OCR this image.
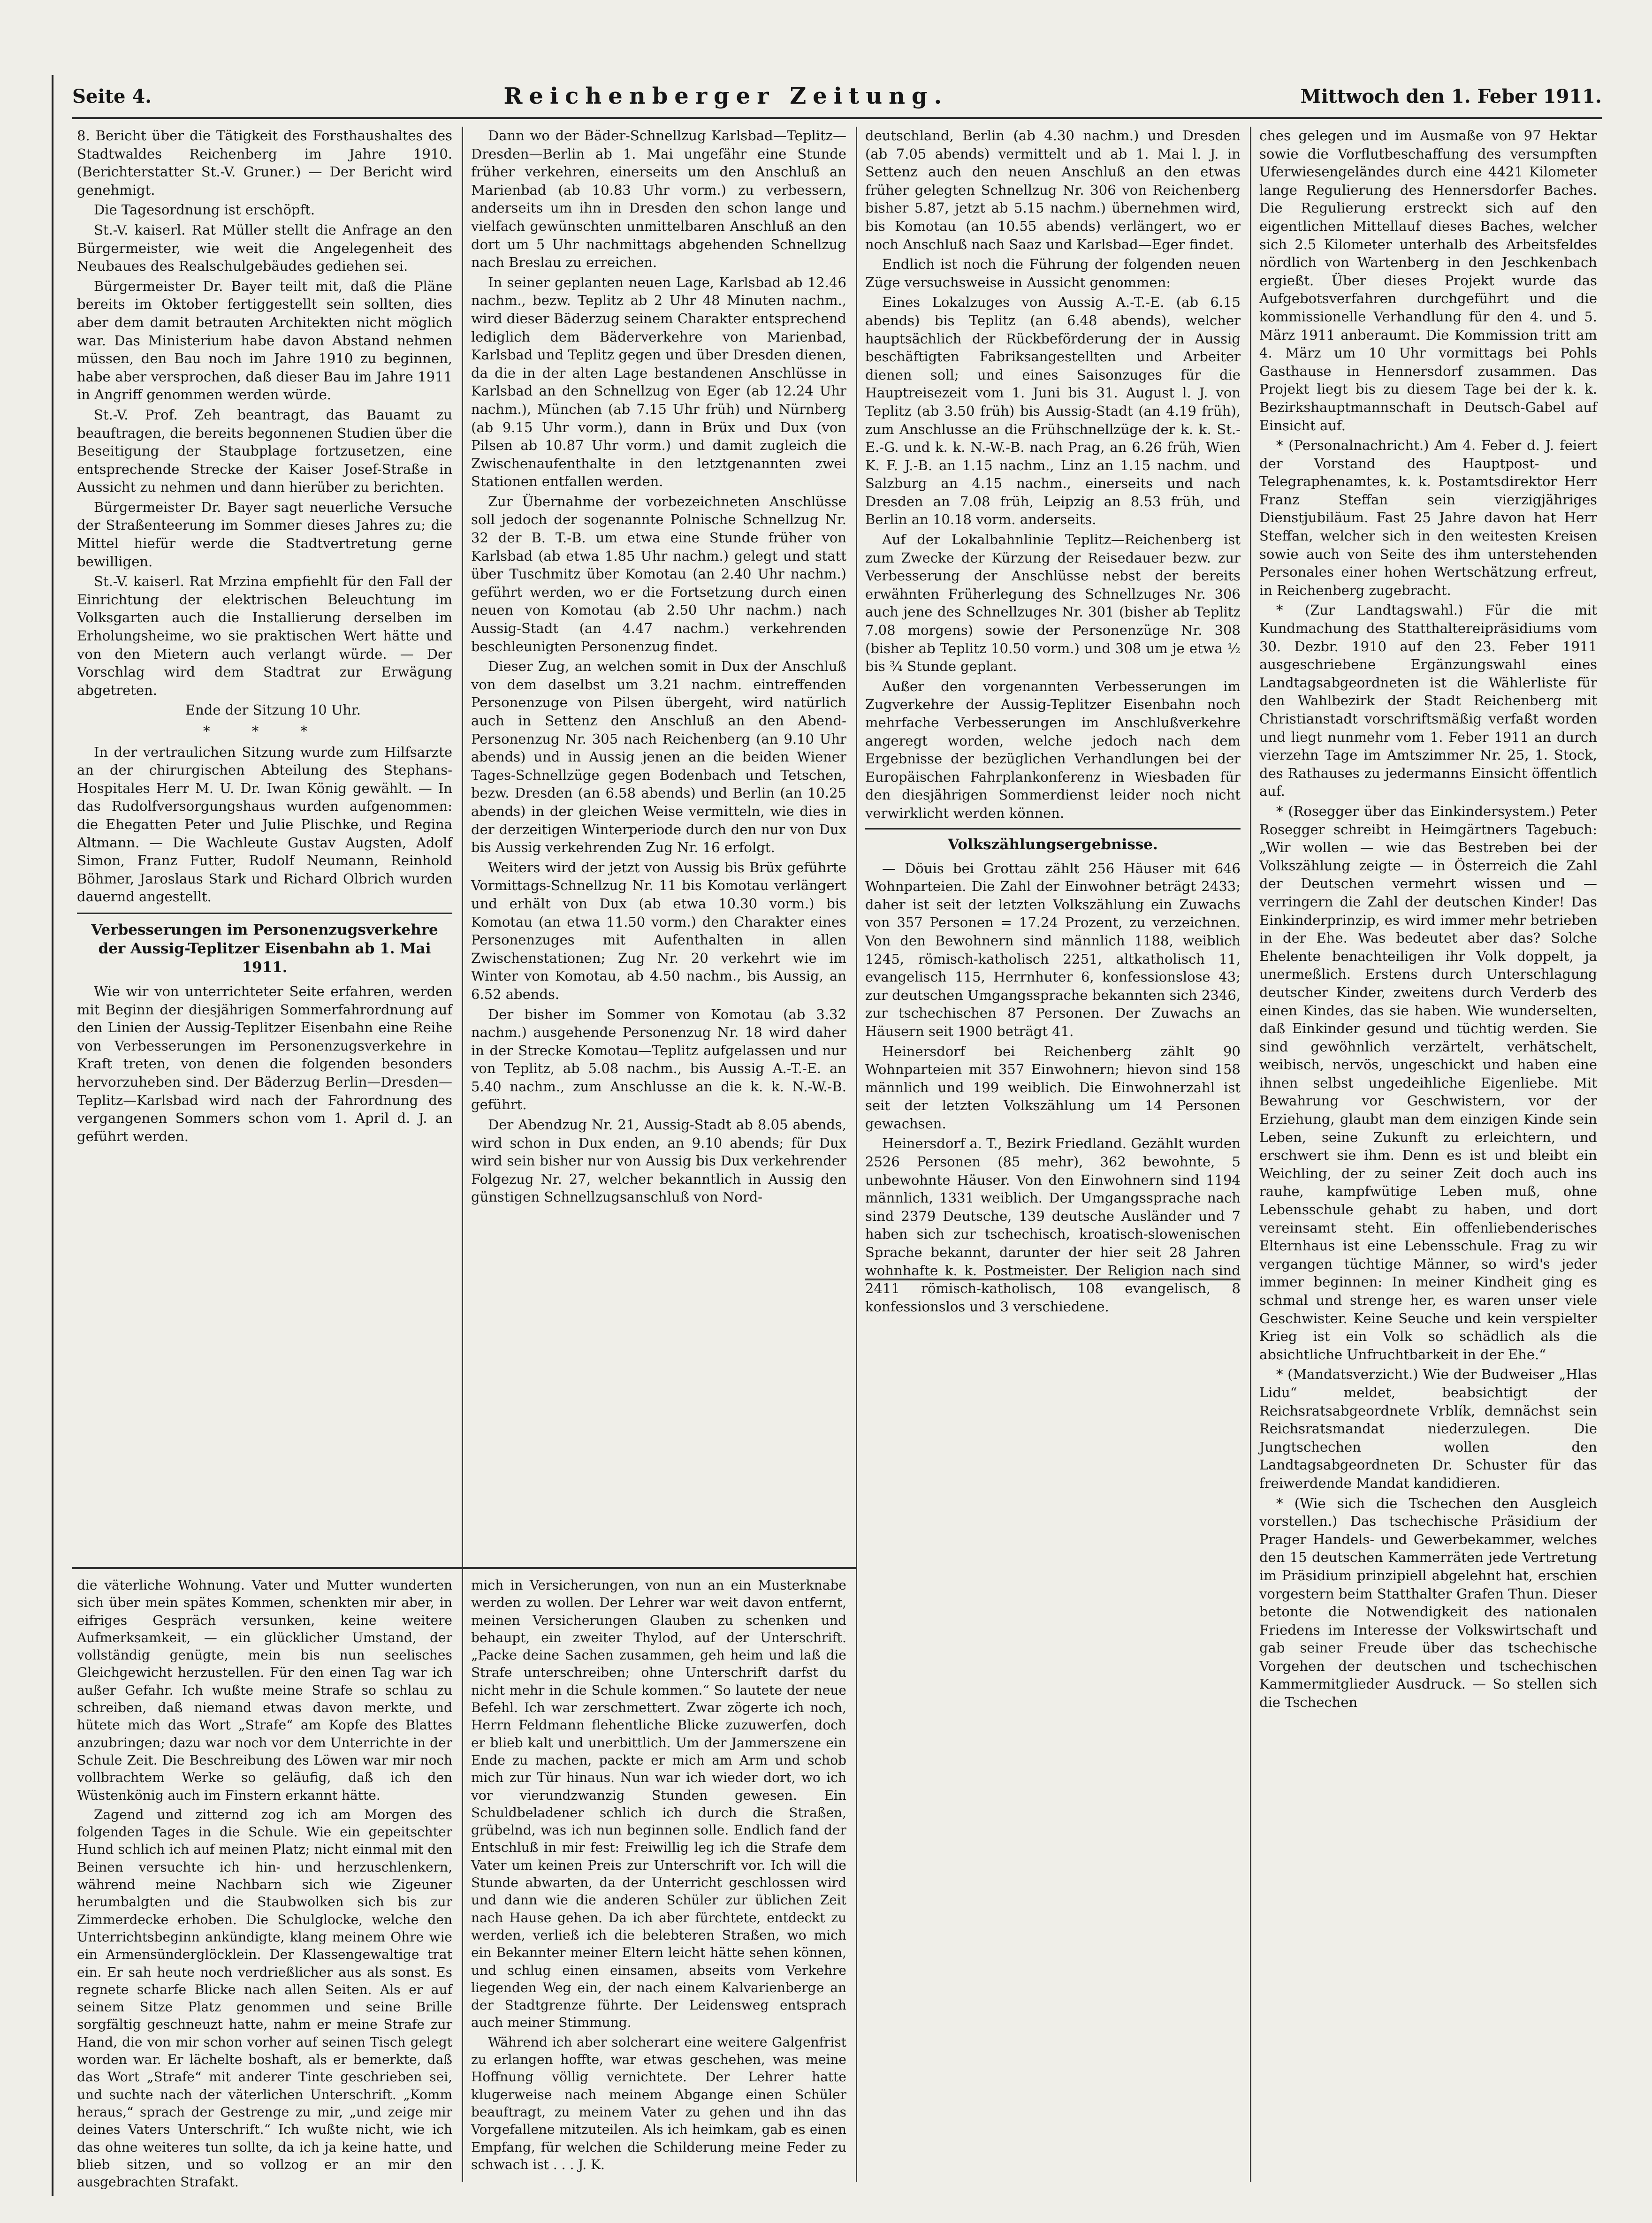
Seite 4.	Reichenberger Zeitung.	Mittwoch den 1. Feber 1911.

8. Bericht über die Tätigkeit des Forsthaushaltes des Stadtwaldes Reichenberg im Jahre 1910. (Berichterstatter St.-V. Gruner.) — Der Bericht wird genehmigt.

Die Tagesordnung ist erschöpft.

St.-V. kaiserl. Rat Müller stellt die Anfrage an den Bürgermeister, wie weit die Angelegenheit des Neubaues des Realschulgebäudes gediehen sei.

Bürgermeister Dr. Bayer teilt mit, daß die Pläne bereits im Oktober fertiggestellt sein sollten, dies aber dem damit betrauten Architekten nicht möglich war. Das Ministerium habe davon Abstand nehmen müssen, den Bau noch im Jahre 1910 zu beginnen, habe aber versprochen, daß dieser Bau im Jahre 1911 in Angriff genommen werden würde.

St.-V. Prof. Zeh beantragt, das Bauamt zu beauftragen, die bereits begonnenen Studien über die Beseitigung der Staubplage fortzusetzen, eine entsprechende Strecke der Kaiser Josef-Straße in Aussicht zu nehmen und dann hierüber zu berichten.

Bürgermeister Dr. Bayer sagt neuerliche Versuche der Straßenteerung im Sommer dieses Jahres zu; die Mittel hiefür werde die Stadtvertretung gerne bewilligen.

St.-V. kaiserl. Rat Mrzina empfiehlt für den Fall der Einrichtung der elektrischen Beleuchtung im Volksgarten auch die Installierung derselben im Erholungsheime, wo sie praktischen Wert hätte und von den Mietern auch verlangt würde. — Der Vorschlag wird dem Stadtrat zur Erwägung abgetreten.

Ende der Sitzung 10 Uhr.

* * *

In der vertraulichen Sitzung wurde zum Hilfsarzte an der chirurgischen Abteilung des Stephans-Hospitales Herr M. U. Dr. Iwan König gewählt. — In das Rudolfversorgungshaus wurden aufgenommen: die Ehegatten Peter und Julie Plischke, und Regina Altmann. — Die Wachleute Gustav Augsten, Adolf Simon, Franz Futter, Rudolf Neumann, Reinhold Böhmer, Jaroslaus Stark und Richard Olbrich wurden dauernd angestellt.

Verbesserungen im Personenzugsverkehre der Aussig-Teplitzer Eisenbahn ab 1. Mai 1911.

Wie wir von unterrichteter Seite erfahren, werden mit Beginn der diesjährigen Sommerfahrordnung auf den Linien der Aussig-Teplitzer Eisenbahn eine Reihe von Verbesserungen im Personenzugsverkehre in Kraft treten, von denen die folgenden besonders hervorzuheben sind. Der Bäderzug Berlin—Dresden—Teplitz—Karlsbad wird nach der Fahrordnung des vergangenen Sommers schon vom 1. April d. J. an geführt werden.

Dann wo der Bäder-Schnellzug Karlsbad—Teplitz—Dresden—Berlin ab 1. Mai ungefähr eine Stunde früher verkehren, einerseits um den Anschluß an Marienbad (ab 10.83 Uhr vorm.) zu verbessern, anderseits um ihn in Dresden den schon lange und vielfach gewünschten unmittelbaren Anschluß an den dort um 5 Uhr nachmittags abgehenden Schnellzug nach Breslau zu erreichen.

In seiner geplanten neuen Lage, Karlsbad ab 12.46 nachm., bezw. Teplitz ab 2 Uhr 48 Minuten nachm., wird dieser Bäderzug seinem Charakter entsprechend lediglich dem Bäderverkehre von Marienbad, Karlsbad und Teplitz gegen und über Dresden dienen, da die in der alten Lage bestandenen Anschlüsse in Karlsbad an den Schnellzug von Eger (ab 12.24 Uhr nachm.), München (ab 7.15 Uhr früh) und Nürnberg (ab 9.15 Uhr vorm.), dann in Brüx und Dux (von Pilsen ab 10.87 Uhr vorm.) und damit zugleich die Zwischenaufenthalte in den letztgenannten zwei Stationen entfallen werden.

Zur Übernahme der vorbezeichneten Anschlüsse soll jedoch der sogenannte Polnische Schnellzug Nr. 32 der B. T.-B. um etwa eine Stunde früher von Karlsbad (ab etwa 1.85 Uhr nachm.) gelegt und statt über Tuschmitz über Komotau (an 2.40 Uhr nachm.) geführt werden, wo er die Fortsetzung durch einen neuen von Komotau (ab 2.50 Uhr nachm.) nach Aussig-Stadt (an 4.47 nachm.) verkehrenden beschleunigten Personenzug findet.

Dieser Zug, an welchen somit in Dux der Anschluß von dem daselbst um 3.21 nachm. eintreffenden Personenzuge von Pilsen übergeht, wird natürlich auch in Settenz den Anschluß an den Abend-Personenzug Nr. 305 nach Reichenberg (an 9.10 Uhr abends) und in Aussig jenen an die beiden Wiener Tages-Schnellzüge gegen Bodenbach und Tetschen, bezw. Dresden (an 6.58 abends) und Berlin (an 10.25 abends) in der gleichen Weise vermitteln, wie dies in der derzeitigen Winterperiode durch den nur von Dux bis Aussig verkehrenden Zug Nr. 16 erfolgt.

Weiters wird der jetzt von Aussig bis Brüx geführte Vormittags-Schnellzug Nr. 11 bis Komotau verlängert und erhält von Dux (ab etwa 10.30 vorm.) bis Komotau (an etwa 11.50 vorm.) den Charakter eines Personenzuges mit Aufenthalten in allen Zwischenstationen; Zug Nr. 20 verkehrt wie im Winter von Komotau, ab 4.50 nachm., bis Aussig, an 6.52 abends.

Der bisher im Sommer von Komotau (ab 3.32 nachm.) ausgehende Personenzug Nr. 18 wird daher in der Strecke Komotau—Teplitz aufgelassen und nur von Teplitz, ab 5.08 nachm., bis Aussig A.-T.-E. an 5.40 nachm., zum Anschlusse an die k. k. N.-W.-B. geführt.

Der Abendzug Nr. 21, Aussig-Stadt ab 8.05 abends, wird schon in Dux enden, an 9.10 abends; für Dux wird sein bisher nur von Aussig bis Dux verkehrender Folgezug Nr. 27, welcher bekanntlich in Aussig den günstigen Schnellzugsanschluß von Nord-

deutschland, Berlin (ab 4.30 nachm.) und Dresden (ab 7.05 abends) vermittelt und ab 1. Mai l. J. in Settenz auch den neuen Anschluß an den etwas früher gelegten Schnellzug Nr. 306 von Reichenberg bisher 5.87, jetzt ab 5.15 nachm.) übernehmen wird, bis Komotau (an 10.55 abends) verlängert, wo er noch Anschluß nach Saaz und Karlsbad—Eger findet.

Endlich ist noch die Führung der folgenden neuen Züge versuchsweise in Aussicht genommen:

Eines Lokalzuges von Aussig A.-T.-E. (ab 6.15 abends) bis Teplitz (an 6.48 abends), welcher hauptsächlich der Rückbeförderung der in Aussig beschäftigten Fabriksangestellten und Arbeiter dienen soll; und eines Saisonzuges für die Hauptreisezeit vom 1. Juni bis 31. August l. J. von Teplitz (ab 3.50 früh) bis Aussig-Stadt (an 4.19 früh), zum Anschlusse an die Frühschnellzüge der k. k. St.-E.-G. und k. k. N.-W.-B. nach Prag, an 6.26 früh, Wien K. F. J.-B. an 1.15 nachm., Linz an 1.15 nachm. und Salzburg an 4.15 nachm., einerseits und nach Dresden an 7.08 früh, Leipzig an 8.53 früh, und Berlin an 10.18 vorm. anderseits.

Auf der Lokalbahnlinie Teplitz—Reichenberg ist zum Zwecke der Kürzung der Reisedauer bezw. zur Verbesserung der Anschlüsse nebst der bereits erwähnten Früherlegung des Schnellzuges Nr. 306 auch jene des Schnellzuges Nr. 301 (bisher ab Teplitz 7.08 morgens) sowie der Personenzüge Nr. 308 (bisher ab Teplitz 10.50 vorm.) und 308 um je etwa ½ bis ¾ Stunde geplant.

Außer den vorgenannten Verbesserungen im Zugverkehre der Aussig-Teplitzer Eisenbahn noch mehrfache Verbesserungen im Anschlußverkehre angeregt worden, welche jedoch nach dem Ergebnisse der bezüglichen Verhandlungen bei der Europäischen Fahrplankonferenz in Wiesbaden für den diesjährigen Sommerdienst leider noch nicht verwirklicht werden können.

Volkszählungsergebnisse.

— Döuis bei Grottau zählt 256 Häuser mit 646 Wohnparteien. Die Zahl der Einwohner beträgt 2433; daher ist seit der letzten Volkszählung ein Zuwachs von 357 Personen = 17.24 Prozent, zu verzeichnen. Von den Bewohnern sind männlich 1188, weiblich 1245, römisch-katholisch 2251, altkatholisch 11, evangelisch 115, Herrnhuter 6, konfessionslose 43; zur deutschen Umgangssprache bekannten sich 2346, zur tschechischen 87 Personen. Der Zuwachs an Häusern seit 1900 beträgt 41.

Heinersdorf bei Reichenberg zählt 90 Wohnparteien mit 357 Einwohnern; hievon sind 158 männlich und 199 weiblich. Die Einwohnerzahl ist seit der letzten Volkszählung um 14 Personen gewachsen.

Heinersdorf a. T., Bezirk Friedland. Gezählt wurden 2526 Personen (85 mehr), 362 bewohnte, 5 unbewohnte Häuser. Von den Einwohnern sind 1194 männlich, 1331 weiblich. Der Umgangssprache nach sind 2379 Deutsche, 139 deutsche Ausländer und 7 haben sich zur tschechisch, kroatisch-slowenischen Sprache bekannt, darunter der hier seit 28 Jahren wohnhafte k. k. Postmeister. Der Religion nach sind 2411 römisch-katholisch, 108 evangelisch, 8 konfessionslos und 3 verschiedene.

ches gelegen und im Ausmaße von 97 Hektar sowie die Vorflutbeschaffung des versumpften Uferwiesengeländes durch eine 4421 Kilometer lange Regulierung des Hennersdorfer Baches. Die Regulierung erstreckt sich auf den eigentlichen Mittellauf dieses Baches, welcher sich 2.5 Kilometer unterhalb des Arbeitsfeldes nördlich von Wartenberg in den Jeschkenbach ergießt. Über dieses Projekt wurde das Aufgebotsverfahren durchgeführt und die kommissionelle Verhandlung für den 4. und 5. März 1911 anberaumt. Die Kommission tritt am 4. März um 10 Uhr vormittags bei Pohls Gasthause in Hennersdorf zusammen. Das Projekt liegt bis zu diesem Tage bei der k. k. Bezirkshauptmannschaft in Deutsch-Gabel auf Einsicht auf.

* (Personalnachricht.) Am 4. Feber d. J. feiert der Vorstand des Hauptpost- und Telegraphenamtes, k. k. Postamtsdirektor Herr Franz Steffan sein vierzigjähriges Dienstjubiläum. Fast 25 Jahre davon hat Herr Steffan, welcher sich in den weitesten Kreisen sowie auch von Seite des ihm unterstehenden Personales einer hohen Wertschätzung erfreut, in Reichenberg zugebracht.

* (Zur Landtagswahl.) Für die mit Kundmachung des Statthaltereipräsidiums vom 30. Dezbr. 1910 auf den 23. Feber 1911 ausgeschriebene Ergänzungswahl eines Landtagsabgeordneten ist die Wählerliste für den Wahlbezirk der Stadt Reichenberg mit Christianstadt vorschriftsmäßig verfaßt worden und liegt nunmehr vom 1. Feber 1911 an durch vierzehn Tage im Amtszimmer Nr. 25, 1. Stock, des Rathauses zu jedermanns Einsicht öffentlich auf.

* (Rosegger über das Einkindersystem.) Peter Rosegger schreibt in Heimgärtners Tagebuch: „Wir wollen — wie das Bestreben bei der Volkszählung zeigte — in Österreich die Zahl der Deutschen vermehrt wissen und — verringern die Zahl der deutschen Kinder! Das Einkinderprinzip, es wird immer mehr betrieben in der Ehe. Was bedeutet aber das? Solche Ehelente benachteiligen ihr Volk doppelt, ja unermeßlich. Erstens durch Unterschlagung deutscher Kinder, zweitens durch Verderb des einen Kindes, das sie haben. Wie wunderselten, daß Einkinder gesund und tüchtig werden. Sie sind gewöhnlich verzärtelt, verhätschelt, weibisch, nervös, ungeschickt und haben eine ihnen selbst ungedeihliche Eigenliebe. Mit Bewahrung vor Geschwistern, vor der Erziehung, glaubt man dem einzigen Kinde sein Leben, seine Zukunft zu erleichtern, und erschwert sie ihm. Denn es ist und bleibt ein Weichling, der zu seiner Zeit doch auch ins rauhe, kampfwütige Leben muß, ohne Lebensschule gehabt zu haben, und dort vereinsamt steht. Ein offenliebenderisches Elternhaus ist eine Lebensschule. Frag zu wir vergangen tüchtige Männer, so wird's jeder immer beginnen: In meiner Kindheit ging es schmal und strenge her, es waren unser viele Geschwister. Keine Seuche und kein verspielter Krieg ist ein Volk so schädlich als die absichtliche Unfruchtbarkeit in der Ehe.“

* (Mandatsverzicht.) Wie der Budweiser „Hlas Lidu“ meldet, beabsichtigt der Reichsratsabgeordnete Vrblík, demnächst sein Reichsratsmandat niederzulegen. Die Jungtschechen wollen den Landtagsabgeordneten Dr. Schuster für das freiwerdende Mandat kandidieren.

* (Wie sich die Tschechen den Ausgleich vorstellen.) Das tschechische Präsidium der Prager Handels- und Gewerbekammer, welches den 15 deutschen Kammerräten jede Vertretung im Präsidium prinzipiell abgelehnt hat, erschien vorgestern beim Statthalter Grafen Thun. Dieser betonte die Notwendigkeit des nationalen Friedens im Interesse der Volkswirtschaft und gab seiner Freude über das tschechische Vorgehen der deutschen und tschechischen Kammermitglieder Ausdruck. — So stellen sich die Tschechen

die väterliche Wohnung. Vater und Mutter wunderten sich über mein spätes Kommen, schenkten mir aber, in eifriges Gespräch versunken, keine weitere Aufmerksamkeit, — ein glücklicher Umstand, der vollständig genügte, mein bis nun seelisches Gleichgewicht herzustellen. Für den einen Tag war ich außer Gefahr. Ich wußte meine Strafe so schlau zu schreiben, daß niemand etwas davon merkte, und hütete mich das Wort „Strafe“ am Kopfe des Blattes anzubringen; dazu war noch vor dem Unterrichte in der Schule Zeit. Die Beschreibung des Löwen war mir noch vollbrachtem Werke so geläufig, daß ich den Wüstenkönig auch im Finstern erkannt hätte.

Zagend und zitternd zog ich am Morgen des folgenden Tages in die Schule. Wie ein gepeitschter Hund schlich ich auf meinen Platz; nicht einmal mit den Beinen versuchte ich hin- und herzuschlenkern, während meine Nachbarn sich wie Zigeuner herumbalgten und die Staubwolken sich bis zur Zimmerdecke erhoben. Die Schulglocke, welche den Unterrichtsbeginn ankündigte, klang meinem Ohre wie ein Armensünderglöcklein. Der Klassengewaltige trat ein. Er sah heute noch verdrießlicher aus als sonst. Es regnete scharfe Blicke nach allen Seiten. Als er auf seinem Sitze Platz genommen und seine Brille sorgfältig geschneuzt hatte, nahm er meine Strafe zur Hand, die von mir schon vorher auf seinen Tisch gelegt worden war. Er lächelte boshaft, als er bemerkte, daß das Wort „Strafe“ mit anderer Tinte geschrieben sei, und suchte nach der väterlichen Unterschrift. „Komm heraus,“ sprach der Gestrenge zu mir, „und zeige mir deines Vaters Unterschrift.“ Ich wußte nicht, wie ich das ohne weiteres tun sollte, da ich ja keine hatte, und blieb sitzen, und so vollzog er an mir den ausgebrachten Strafakt.

mich in Versicherungen, von nun an ein Musterknabe werden zu wollen. Der Lehrer war weit davon entfernt, meinen Versicherungen Glauben zu schenken und behaupt, ein zweiter Thylod, auf der Unterschrift. „Packe deine Sachen zusammen, geh heim und laß die Strafe unterschreiben; ohne Unterschrift darfst du nicht mehr in die Schule kommen.“ So lautete der neue Befehl. Ich war zerschmettert. Zwar zögerte ich noch, Herrn Feldmann flehentliche Blicke zuzuwerfen, doch er blieb kalt und unerbittlich. Um der Jammerszene ein Ende zu machen, packte er mich am Arm und schob mich zur Tür hinaus. Nun war ich wieder dort, wo ich vor vierundzwanzig Stunden gewesen. Ein Schuldbeladener schlich ich durch die Straßen, grübelnd, was ich nun beginnen solle. Endlich fand der Entschluß in mir fest: Freiwillig leg ich die Strafe dem Vater um keinen Preis zur Unterschrift vor. Ich will die Stunde abwarten, da der Unterricht geschlossen wird und dann wie die anderen Schüler zur üblichen Zeit nach Hause gehen. Da ich aber fürchtete, entdeckt zu werden, verließ ich die belebteren Straßen, wo mich ein Bekannter meiner Eltern leicht hätte sehen können, und schlug einen einsamen, abseits vom Verkehre liegenden Weg ein, der nach einem Kalvarienberge an der Stadtgrenze führte. Der Leidensweg entsprach auch meiner Stimmung.

Während ich aber solcherart eine weitere Galgenfrist zu erlangen hoffte, war etwas geschehen, was meine Hoffnung völlig vernichtete. Der Lehrer hatte klugerweise nach meinem Abgange einen Schüler beauftragt, zu meinem Vater zu gehen und ihn das Vorgefallene mitzuteilen. Als ich heimkam, gab es einen Empfang, für welchen die Schilderung meine Feder zu schwach ist . . . J. K.
